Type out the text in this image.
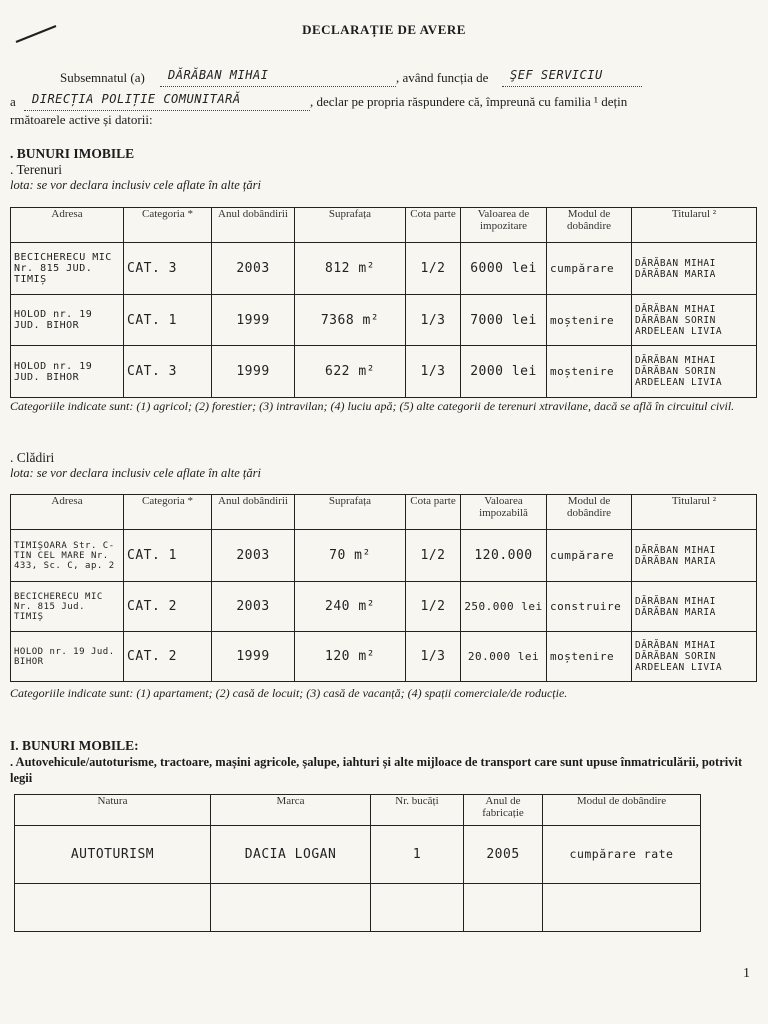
DECLARAȚIE DE AVERE
Subsemnatul (a) DĂRĂBAN MIHAI	, având funcția de ŞEF SERVICIU
a DIRECȚIA POLIȚIE COMUNITARĂ	, declar pe propria răspundere că, împreună cu familia ¹ dețin
rmătoarele active și datorii:
. BUNURI IMOBILE
. Terenuri
lota: se vor declara inclusiv cele aflate în alte țări
Adresa	Categoria *	Anul dobândirii	Suprafața	Cota parte	Valoarea de impozitare	Modul de dobândire	Titularul ²
BECICHERECU MIC Nr. 815 JUD. TIMIȘ	CAT. 3	2003	812 m²	1/2	6000 lei	cumpărare	DĂRĂBAN MIHAI
DĂRĂBAN MARIA
HOLOD nr. 19 JUD. BIHOR	CAT. 1	1999	7368 m²	1/3	7000 lei	moștenire	DĂRĂBAN MIHAI
DĂRĂBAN SORIN
ARDELEAN LIVIA
HOLOD nr. 19 JUD. BIHOR	CAT. 3	1999	622 m²	1/3	2000 lei	moștenire	DĂRĂBAN MIHAI
DĂRĂBAN SORIN
ARDELEAN LIVIA
Categoriile indicate sunt: (1) agricol; (2) forestier; (3) intravilan; (4) luciu apă; (5) alte categorii de terenuri xtravilane, dacă se află în circuitul civil.
. Clădiri
lota: se vor declara inclusiv cele aflate în alte țări
Adresa	Categoria *	Anul dobândirii	Suprafața	Cota parte	Valoarea impozabilă	Modul de dobândire	Titularul ²
TIMIȘOARA Str. C-TIN CEL MARE Nr. 433, Sc. C, ap. 2	CAT. 1	2003	70 m²	1/2	120.000	cumpărare	DĂRĂBAN MIHAI
DĂRĂBAN MARIA
BECICHERECU MIC Nr. 815 Jud. TIMIȘ	CAT. 2	2003	240 m²	1/2	250.000 lei	construire	DĂRĂBAN MIHAI
DĂRĂBAN MARIA
HOLOD nr. 19 Jud. BIHOR	CAT. 2	1999	120 m²	1/3	20.000 lei	moștenire	DĂRĂBAN MIHAI
DĂRĂBAN SORIN
ARDELEAN LIVIA
Categoriile indicate sunt: (1) apartament; (2) casă de locuit; (3) casă de vacanță; (4) spații comerciale/de roducție.
I. BUNURI MOBILE:
. Autovehicule/autoturisme, tractoare, mașini agricole, șalupe, iahturi și alte mijloace de transport care sunt upuse înmatriculării, potrivit legii
Natura	Marca	Nr. bucăți	Anul de fabricație	Modul de dobândire
AUTOTURISM	DACIA LOGAN	1	2005	cumpărare rate

1
